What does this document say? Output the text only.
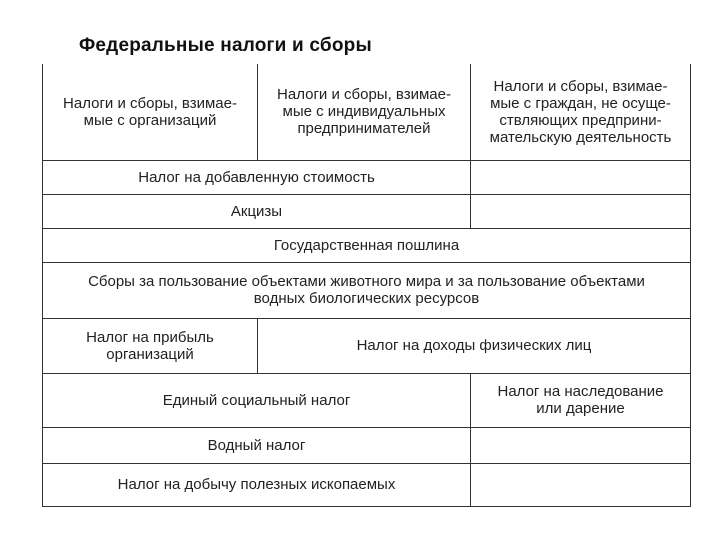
Федеральные налоги и сборы
Налоги и сборы, взимае-
мые с организаций	Налоги и сборы, взимае-
мые с индивидуальных
предпринимателей	Налоги и сборы, взимае-
мые с граждан, не осуще-
ствляющих предприни-
мательскую деятельность
Налог на добавленную стоимость		
Акцизы		
Государственная пошлина		
Сборы за пользование объектами животного мира и за пользование объектами
водных биологических ресурсов		
Налог на прибыль
организаций	Налог на доходы физических лиц	
Единый социальный налог		Налог на наследование
или дарение
Водный налог		
Налог на добычу полезных ископаемых		
